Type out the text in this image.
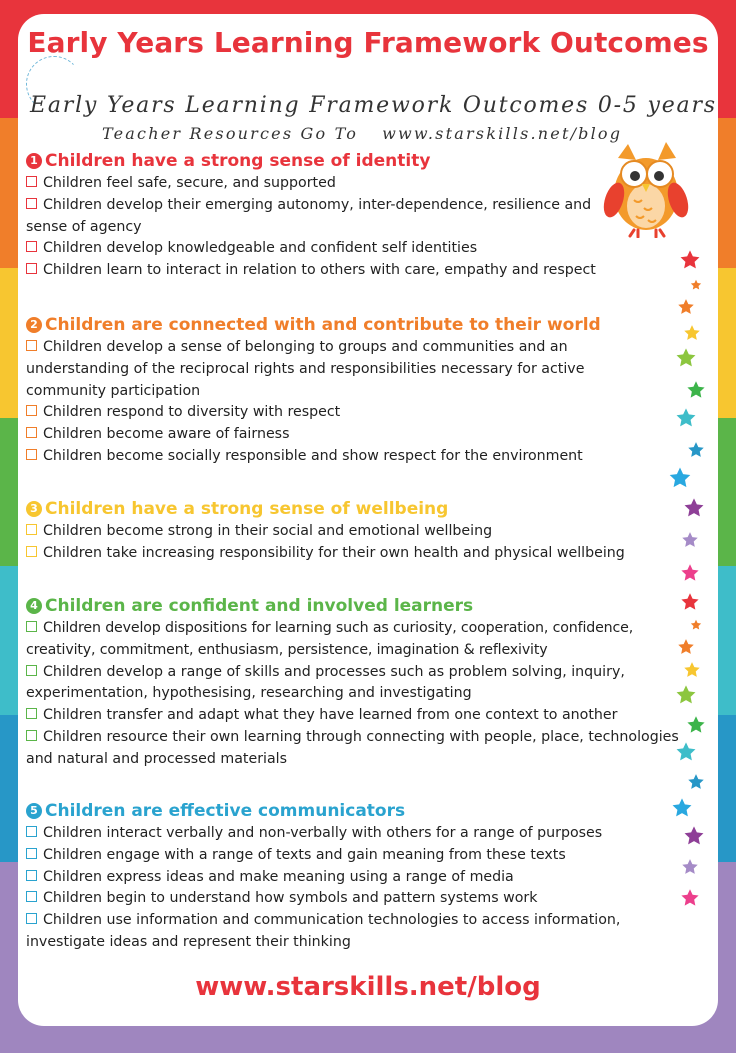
Early Years Learning Framework Outcomes

Early Years Learning Framework Outcomes 0-5 years

Teacher Resources Go To www.starskills.net/blog

1 Children have a strong sense of identity

Children feel safe, secure, and supported

Children develop their emerging autonomy, inter-dependence, resilience and sense of agency

Children develop knowledgeable and confident self identities

Children learn to interact in relation to others with care, empathy and respect

2 Children are connected with and contribute to their world

Children develop a sense of belonging to groups and communities and an understanding of the reciprocal rights and responsibilities necessary for active community participation

Children respond to diversity with respect

Children become aware of fairness

Children become socially responsible and show respect for the environment

3 Children have a strong sense of wellbeing

Children become strong in their social and emotional wellbeing

Children take increasing responsibility for their own health and physical wellbeing

4 Children are confident and involved learners

Children develop dispositions for learning such as curiosity, cooperation, confidence, creativity, commitment, enthusiasm, persistence, imagination & reflexivity

Children develop a range of skills and processes such as problem solving, inquiry, experimentation, hypothesising, researching and investigating

Children transfer and adapt what they have learned from one context to another

Children resource their own learning through connecting with people, place, technologies and natural and processed materials

5 Children are effective communicators

Children interact verbally and non-verbally with others for a range of purposes

Children engage with a range of texts and gain meaning from these texts

Children express ideas and make meaning using a range of media

Children begin to understand how symbols and pattern systems work

Children use information and communication technologies to access information, investigate ideas and represent their thinking

www.starskills.net/blog
